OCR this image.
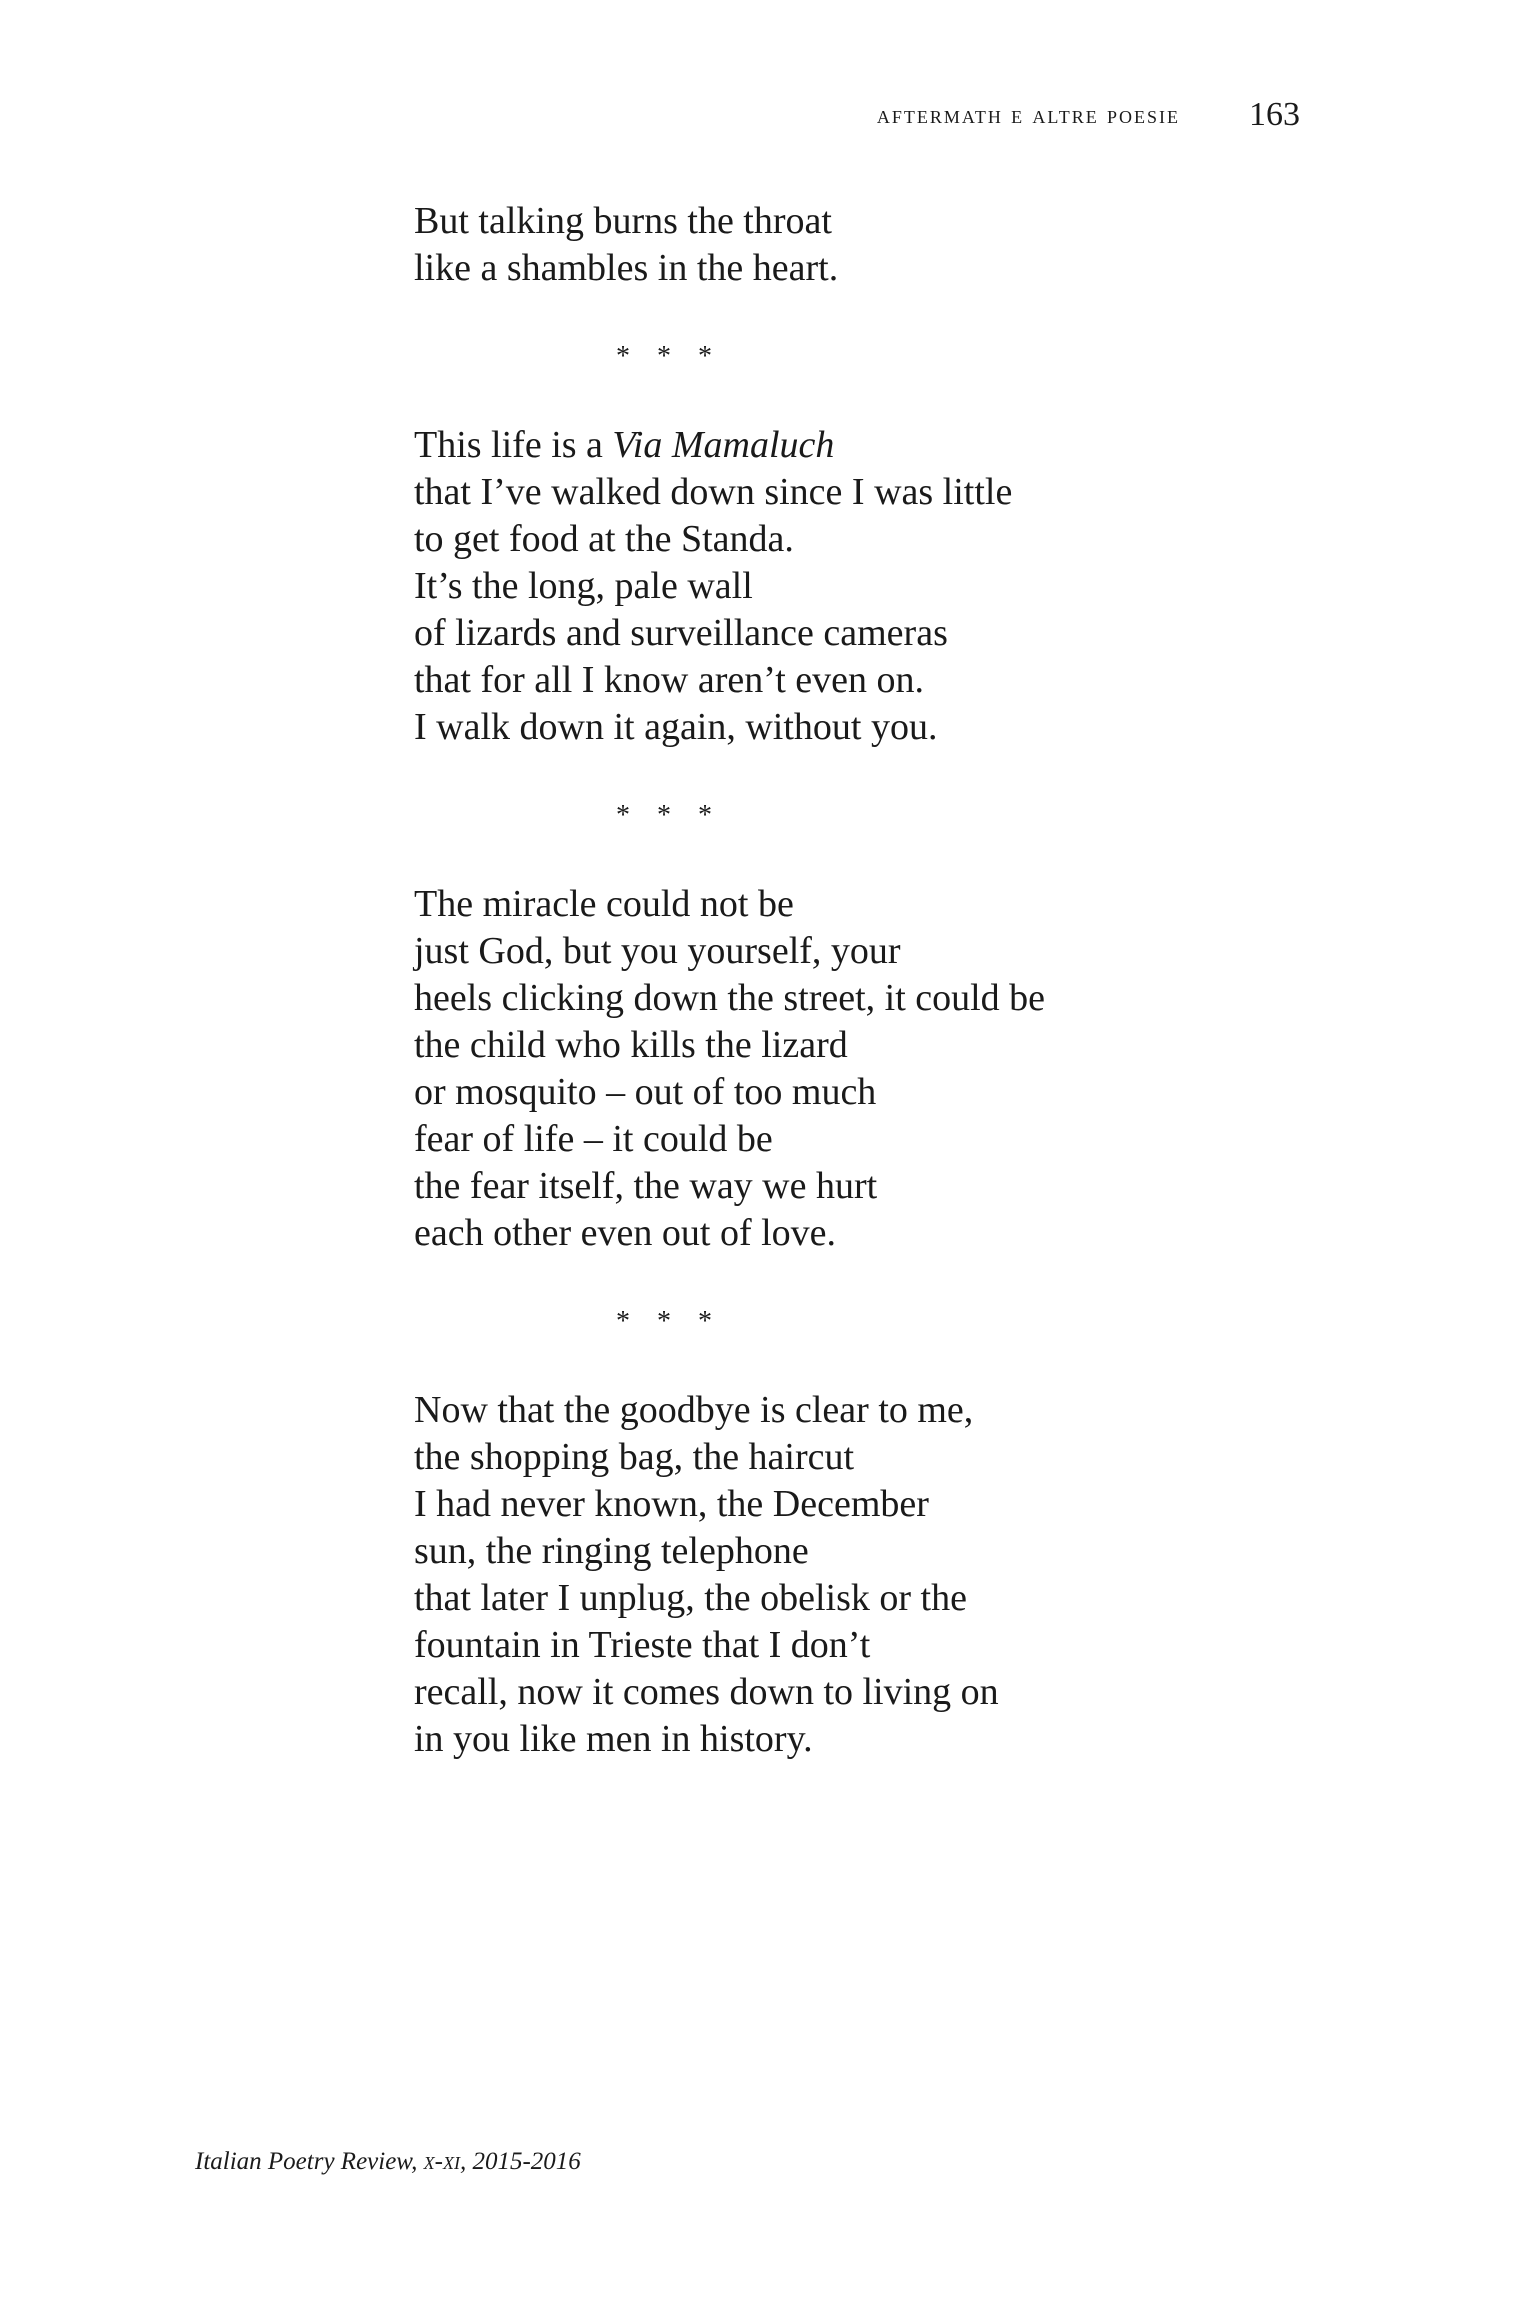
aftermath e altre poesie 163
But talking burns the throat
like a shambles in the heart.
* * *
This life is a Via Mamaluch
that I’ve walked down since I was little
to get food at the Standa.
It’s the long, pale wall
of lizards and surveillance cameras
that for all I know aren’t even on.
I walk down it again, without you.
* * *
The miracle could not be
just God, but you yourself, your
heels clicking down the street, it could be
the child who kills the lizard
or mosquito – out of too much
fear of life – it could be
the fear itself, the way we hurt
each other even out of love.
* * *
Now that the goodbye is clear to me,
the shopping bag, the haircut
I had never known, the December
sun, the ringing telephone
that later I unplug, the obelisk or the
fountain in Trieste that I don’t
recall, now it comes down to living on
in you like men in history.
Italian Poetry Review, x-xi, 2015-2016
